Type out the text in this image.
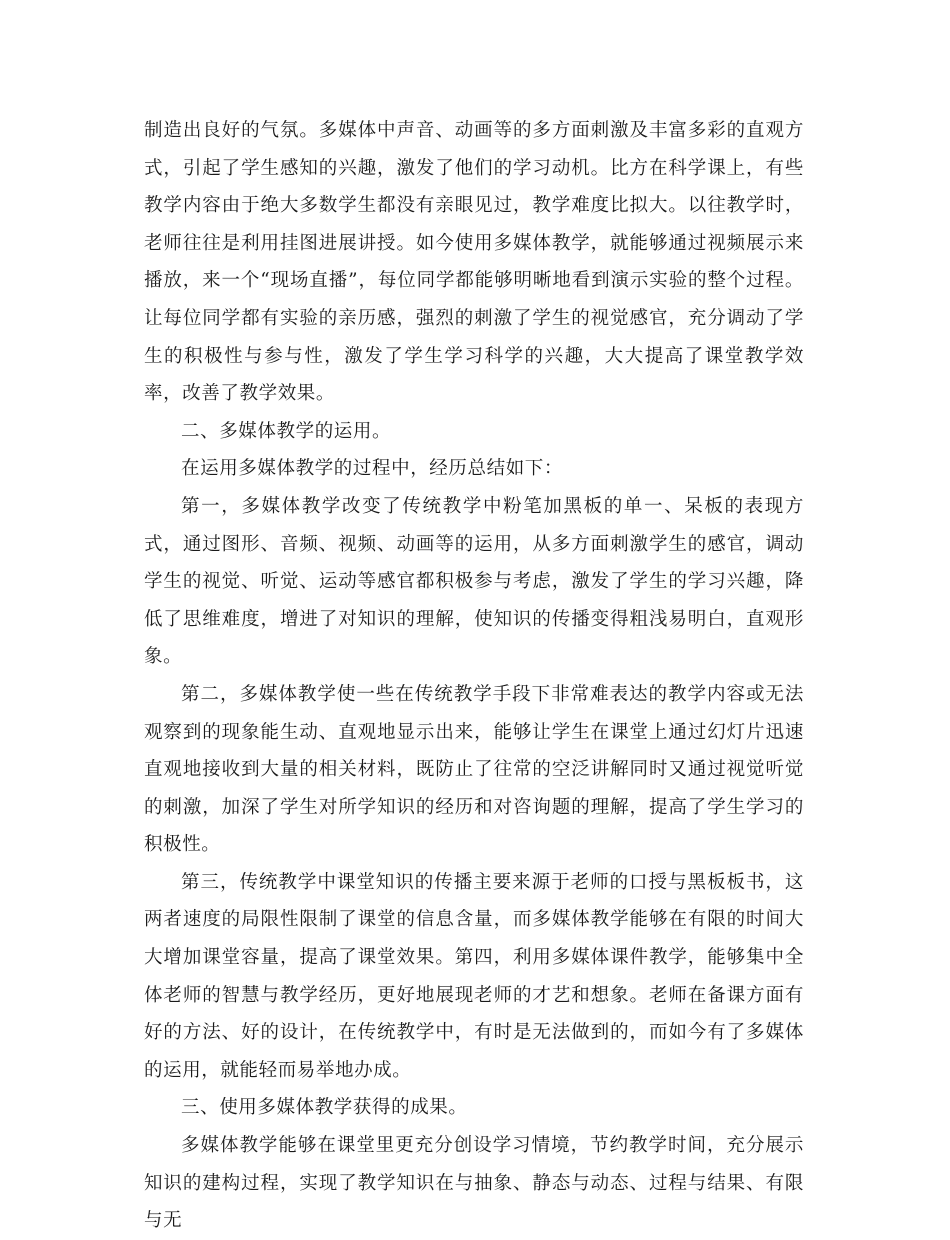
制造出良好的气氛。多媒体中声音、动画等的多方面刺激及丰富多彩的直观方式，引起了学生感知的兴趣，激发了他们的学习动机。比方在科学课上，有些教学内容由于绝大多数学生都没有亲眼见过，教学难度比拟大。以往教学时，老师往往是利用挂图进展讲授。如今使用多媒体教学，就能够通过视频展示来播放，来一个“现场直播”，每位同学都能够明晰地看到演示实验的整个过程。让每位同学都有实验的亲历感，强烈的刺激了学生的视觉感官，充分调动了学生的积极性与参与性，激发了学生学习科学的兴趣，大大提高了课堂教学效率，改善了教学效果。

二、多媒体教学的运用。

在运用多媒体教学的过程中，经历总结如下：

第一，多媒体教学改变了传统教学中粉笔加黑板的单一、呆板的表现方式，通过图形、音频、视频、动画等的运用，从多方面刺激学生的感官，调动学生的视觉、听觉、运动等感官都积极参与考虑，激发了学生的学习兴趣，降低了思维难度，增进了对知识的理解，使知识的传播变得粗浅易明白，直观形象。

第二，多媒体教学使一些在传统教学手段下非常难表达的教学内容或无法观察到的现象能生动、直观地显示出来，能够让学生在课堂上通过幻灯片迅速直观地接收到大量的相关材料，既防止了往常的空泛讲解同时又通过视觉听觉的刺激，加深了学生对所学知识的经历和对咨询题的理解，提高了学生学习的积极性。

第三，传统教学中课堂知识的传播主要来源于老师的口授与黑板板书，这两者速度的局限性限制了课堂的信息含量，而多媒体教学能够在有限的时间大大增加课堂容量，提高了课堂效果。第四，利用多媒体课件教学，能够集中全体老师的智慧与教学经历，更好地展现老师的才艺和想象。老师在备课方面有好的方法、好的设计，在传统教学中，有时是无法做到的，而如今有了多媒体的运用，就能轻而易举地办成。

三、使用多媒体教学获得的成果。

多媒体教学能够在课堂里更充分创设学习情境，节约教学时间，充分展示知识的建构过程，实现了教学知识在与抽象、静态与动态、过程与结果、有限与无
